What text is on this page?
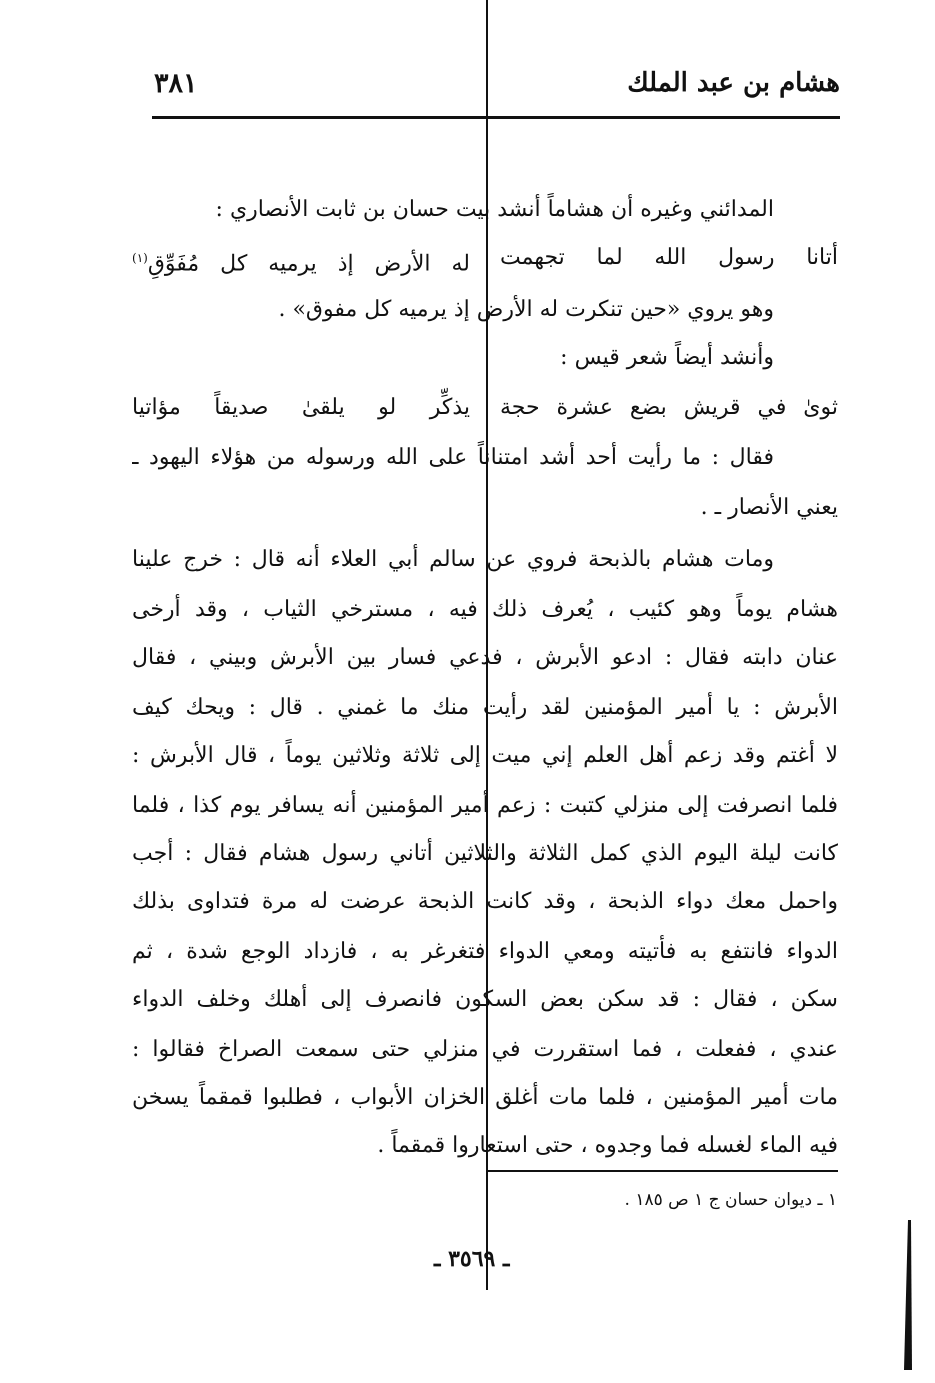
هشام بن عبد الملك
٣٨١
المدائني وغيره أن هشاماً أنشد بيت حسان بن ثابت الأنصاري :
أتانا رسول الله لما تجهمت
له الأرض إذ يرميه كل مُفَوِّقِ$^{(١)}$
وهو يروي «حين تنكرت له الأرض إذ يرميه كل مفوق» .
وأنشد أيضاً شعر قيس :
ثوىٰ في قريش بضع عشرة حجة
يذكِّر لو يلقىٰ صديقاً مؤاتيا
فقال : ما رأيت أحد أشد امتناناً على الله ورسوله من هؤلاء اليهود ـ
يعني الأنصار ـ .
ومات هشام بالذبحة فروي عن سالم أبي العلاء أنه قال : خرج علينا
هشام يوماً وهو كئيب ، يُعرف ذلك فيه ، مسترخي الثياب ، وقد أرخى
عنان دابته فقال : ادعو الأبرش ، فدعي فسار بين الأبرش وبيني ، فقال
الأبرش : يا أمير المؤمنين لقد رأيت منك ما غمني . قال : ويحك كيف
لا أغتم وقد زعم أهل العلم إني ميت إلى ثلاثة وثلاثين يوماً ، قال الأبرش :
فلما انصرفت إلى منزلي كتبت : زعم أمير المؤمنين أنه يسافر يوم كذا ، فلما
كانت ليلة اليوم الذي كمل الثلاثة والثلاثين أتاني رسول هشام فقال : أجب
واحمل معك دواء الذبحة ، وقد كانت الذبحة عرضت له مرة فتداوى بذلك
الدواء فانتفع به فأتيته ومعي الدواء فتغرغر به ، فازداد الوجع شدة ، ثم
سكن ، فقال : قد سكن بعض السكون فانصرف إلى أهلك وخلف الدواء
عندي ، ففعلت ، فما استقررت في منزلي حتى سمعت الصراخ فقالوا :
مات أمير المؤمنين ، فلما مات أغلق الخزان الأبواب ، فطلبوا قمقماً يسخن
فيه الماء لغسله فما وجدوه ، حتى استعاروا قمقماً .
١ ـ ديوان حسان ج ١ ص ١٨٥ .
ـ ٣٥٦٩ ـ
